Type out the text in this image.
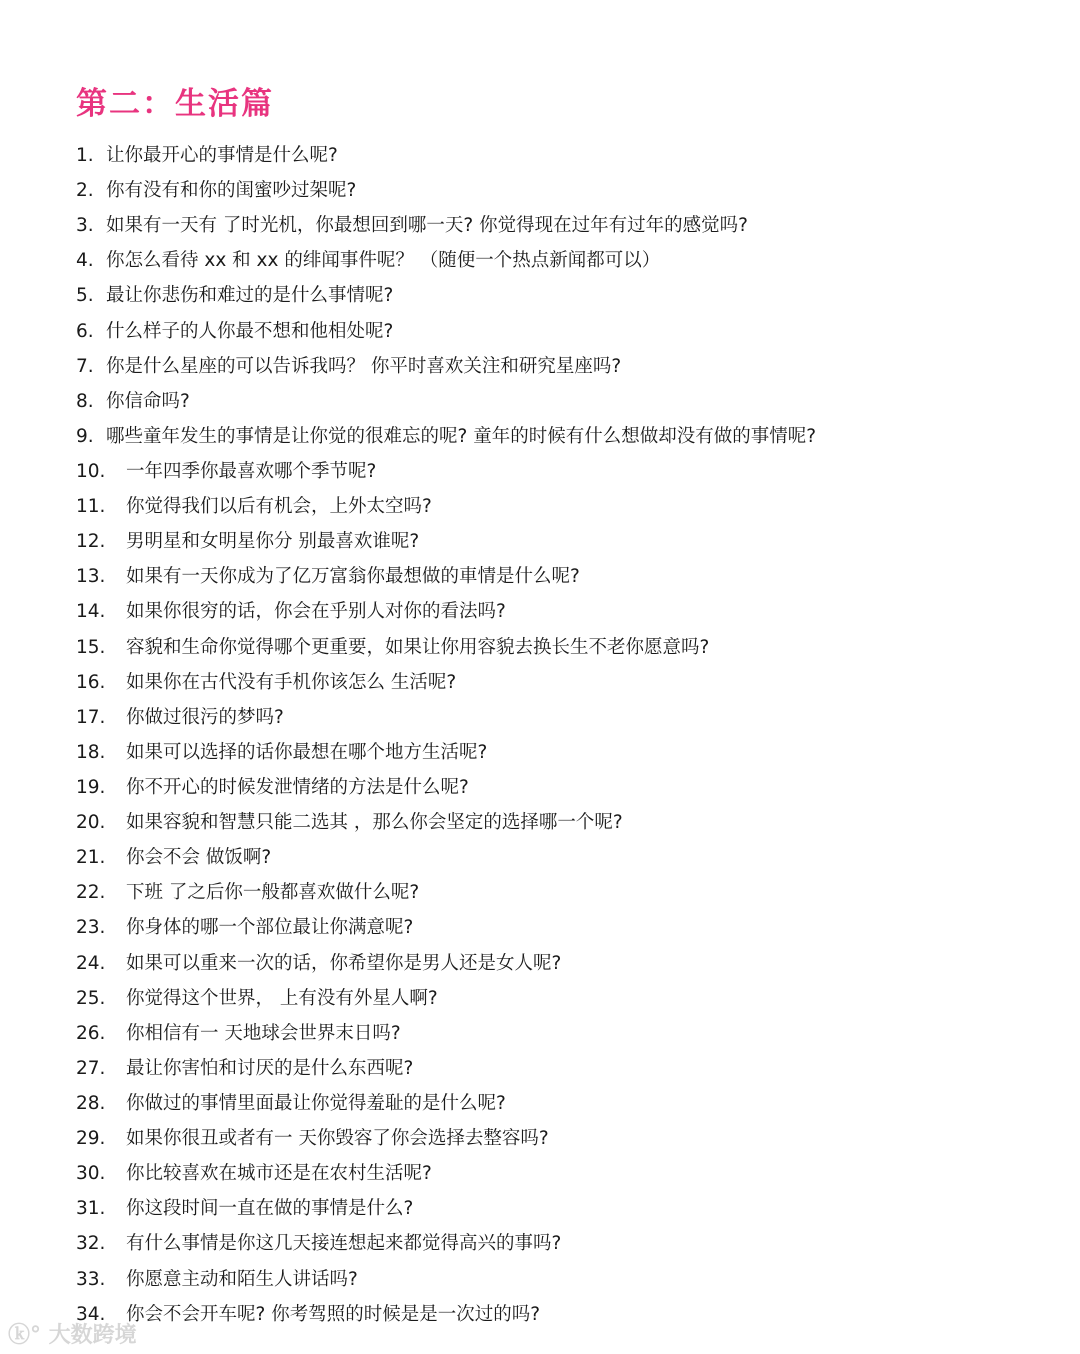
第二：生活篇
1. 让你最开心的事情是什么呢?
2. 你有没有和你的闺蜜吵过架呢?
3. 如果有一天有 了时光机，你最想回到哪一天? 你觉得现在过年有过年的感觉吗?
4. 你怎么看待 xx 和 xx 的绯闻事件呢？ （随便一个热点新闻都可以）
5. 最让你悲伤和难过的是什么事情呢?
6. 什么样子的人你最不想和他相处呢?
7. 你是什么星座的可以告诉我吗？ 你平时喜欢关注和研究星座吗?
8. 你信命吗?
9. 哪些童年发生的事情是让你觉的很难忘的呢? 童年的时候有什么想做却没有做的事情呢?
10.	一年四季你最喜欢哪个季节呢?
11.	你觉得我们以后有机会，上外太空吗?
12.	男明星和女明星你分 别最喜欢谁呢?
13.	如果有一天你成为了亿万富翁你最想做的車情是什么呢?
14.	如果你很穷的话，你会在乎别人对你的看法吗?
15.	容貌和生命你觉得哪个更重要，如果让你用容貌去换长生不老你愿意吗?
16.	如果你在古代没有手机你该怎么 生活呢?
17.	你做过很污的梦吗?
18.	如果可以选择的话你最想在哪个地方生活呢?
19.	你不开心的时候发泄情绪的方法是什么呢?
20.	如果容貌和智慧只能二选其 ，那么你会坚定的选择哪一个呢?
21.	你会不会 做饭啊?
22.	下班 了之后你一般都喜欢做什么呢?
23.	你身体的哪一个部位最让你满意呢?
24.	如果可以重来一次的话，你希望你是男人还是女人呢?
25.	你觉得这个世界， 上有没有外星人啊?
26.	你相信有一 天地球会世界末日吗?
27.	最让你害怕和讨厌的是什么东西呢?
28.	你做过的事情里面最让你觉得羞耻的是什么呢?
29.	如果你很丑或者有一 天你毁容了你会选择去整容吗?
30.	你比较喜欢在城市还是在农村生活呢?
31.	你这段时间一直在做的事情是什么?
32.	有什么事情是你这几天接连想起来都觉得高兴的事吗?
33.	你愿意主动和陌生人讲话吗?
34.	你会不会开车呢? 你考驾照的时候是是一次过的吗?
ⓚ° 大数跨境
